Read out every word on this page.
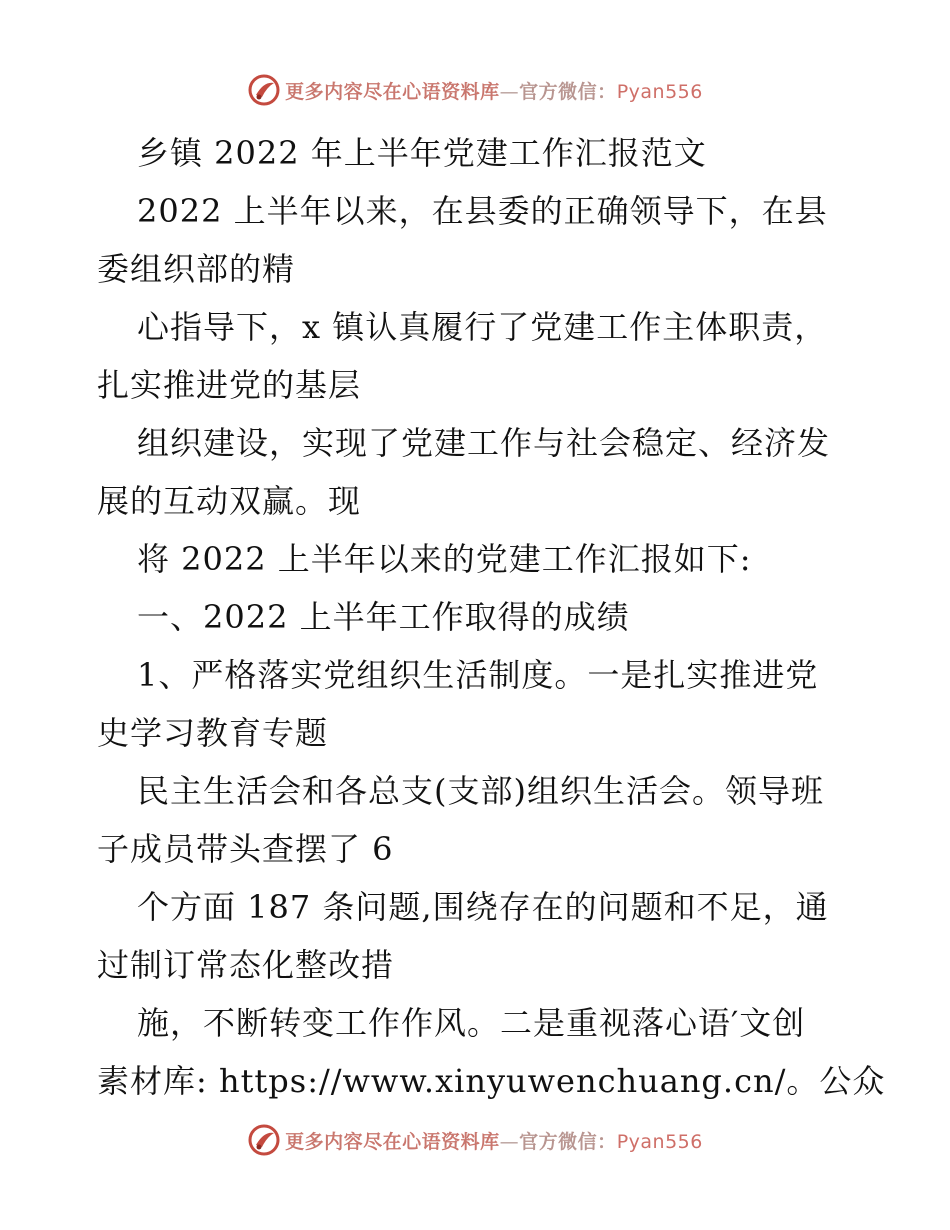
更多内容尽在心语资料库—官方微信：Pyan556
乡镇 2022 年上半年党建工作汇报范文
2022 上半年以来，在县委的正确领导下，在县
委组织部的精
心指导下，x 镇认真履行了党建工作主体职责，
扎实推进党的基层
组织建设，实现了党建工作与社会稳定、经济发
展的互动双赢。现
将 2022 上半年以来的党建工作汇报如下:
一、2022 上半年工作取得的成绩
1、严格落实党组织生活制度。一是扎实推进党
史学习教育专题
民主生活会和各总支(支部)组织生活会。领导班
子成员带头查摆了 6
个方面 187 条问题,围绕存在的问题和不足，通
过制订常态化整改措
施，不断转变工作作风。二是重视落心语′文创
素材库: https://www.xinyuwenchuang.cn/。公众
更多内容尽在心语资料库—官方微信：Pyan556
